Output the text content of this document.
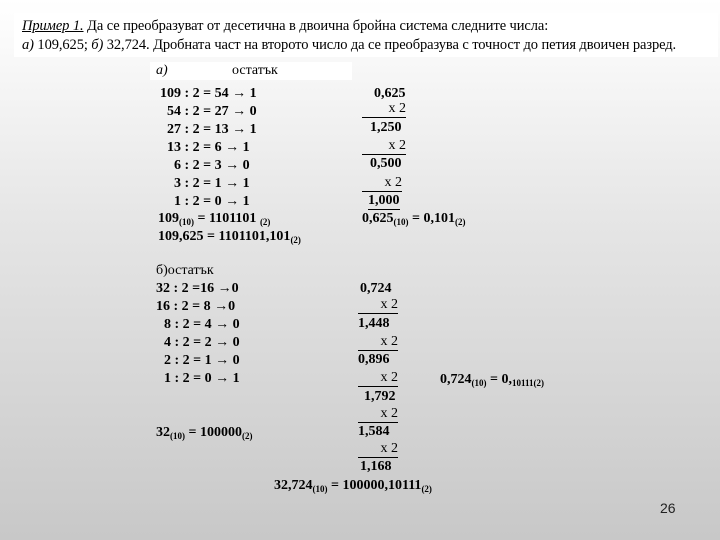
Пример 1. Да се преобразуват от десетична в двоична бройна система следните числа:

а) 109,625; б) 32,724. Дробната част на второто число да се преобразува с точност до петия двоичен разред.

а)	остатък
109 : 2 = 54 → 1
54 : 2 = 27 → 0
27 : 2 = 13 → 1
13 : 2 = 6 → 1
6 : 2 = 3 → 0
3 : 2 = 1 → 1
1 : 2 = 0 → 1
$109_{(10)} = 1101101$ $_{(2)}$
$109,625 = 1101101,101_{(2)}$
0,625
x 2
1,250
x 2
0,500
x 2
1,000
$0,625_{(10)} = 0,101_{(2)}$
б)остатък
32 : 2 =16 →0
16 : 2 = 8 →0
8 : 2 = 4 → 0
4 : 2 = 2 → 0
2 : 2 = 1 → 0
1 : 2 = 0 → 1
$32_{(10)} = 100000_{(2)}$
0,724
x 2
1,448
x 2
0,896
x 2
1,792
x 2
1,584
x 2
1,168
$0,724_{(10)} = 0,_{10111(2)}$
$32,724_{(10)} = 100000,10111_{(2)}$
26
